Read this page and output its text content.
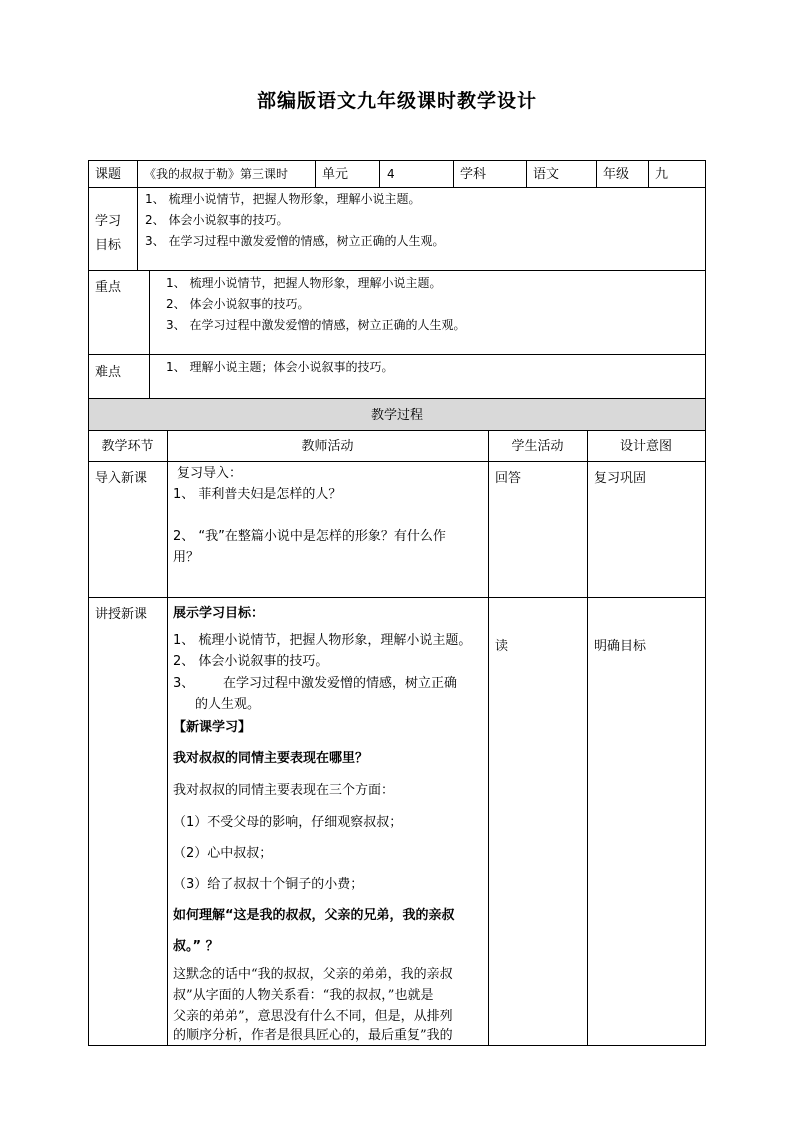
部编版语文九年级课时教学设计
课题 《我的叔叔于勒》第三课时	单元	4	学科	语文	年级 九
学习
目标
1、 梳理小说情节，把握人物形象，理解小说主题。
2、 体会小说叙事的技巧。
3、 在学习过程中激发爱憎的情感，树立正确的人生观。
重点	1、 梳理小说情节，把握人物形象，理解小说主题。
2、 体会小说叙事的技巧。
3、 在学习过程中激发爱憎的情感，树立正确的人生观。
难点	1、 理解小说主题；体会小说叙事的技巧。
教学过程
教学环节	教师活动	学生活动	设计意图
导入新课 复习导入：
1、 菲利普夫妇是怎样的人？
2、 “我”在整篇小说中是怎样的形象？有什么作
用？
回答	复习巩固
讲授新课 展示学习目标：
1、 梳理小说情节，把握人物形象，理解小说主题。
2、 体会小说叙事的技巧。
3、 在学习过程中激发爱憎的情感，树立正确
的人生观。
【新课学习】
我对叔叔的同情主要表现在哪里？
我对叔叔的同情主要表现在三个方面：
（1）不受父母的影响，仔细观察叔叔；
（2）心中叔叔；
（3）给了叔叔十个铜子的小费；
如何理解“这是我的叔叔，父亲的兄弟，我的亲叔
叔。” ？
这默念的话中“我的叔叔，父亲的弟弟，我的亲叔
叔”从字面的人物关系看：“我的叔叔，”也就是
父亲的弟弟”，意思没有什么不同，但是，从排列
的顺序分析，作者是很具匠心的，最后重复”我的
读	明确目标
